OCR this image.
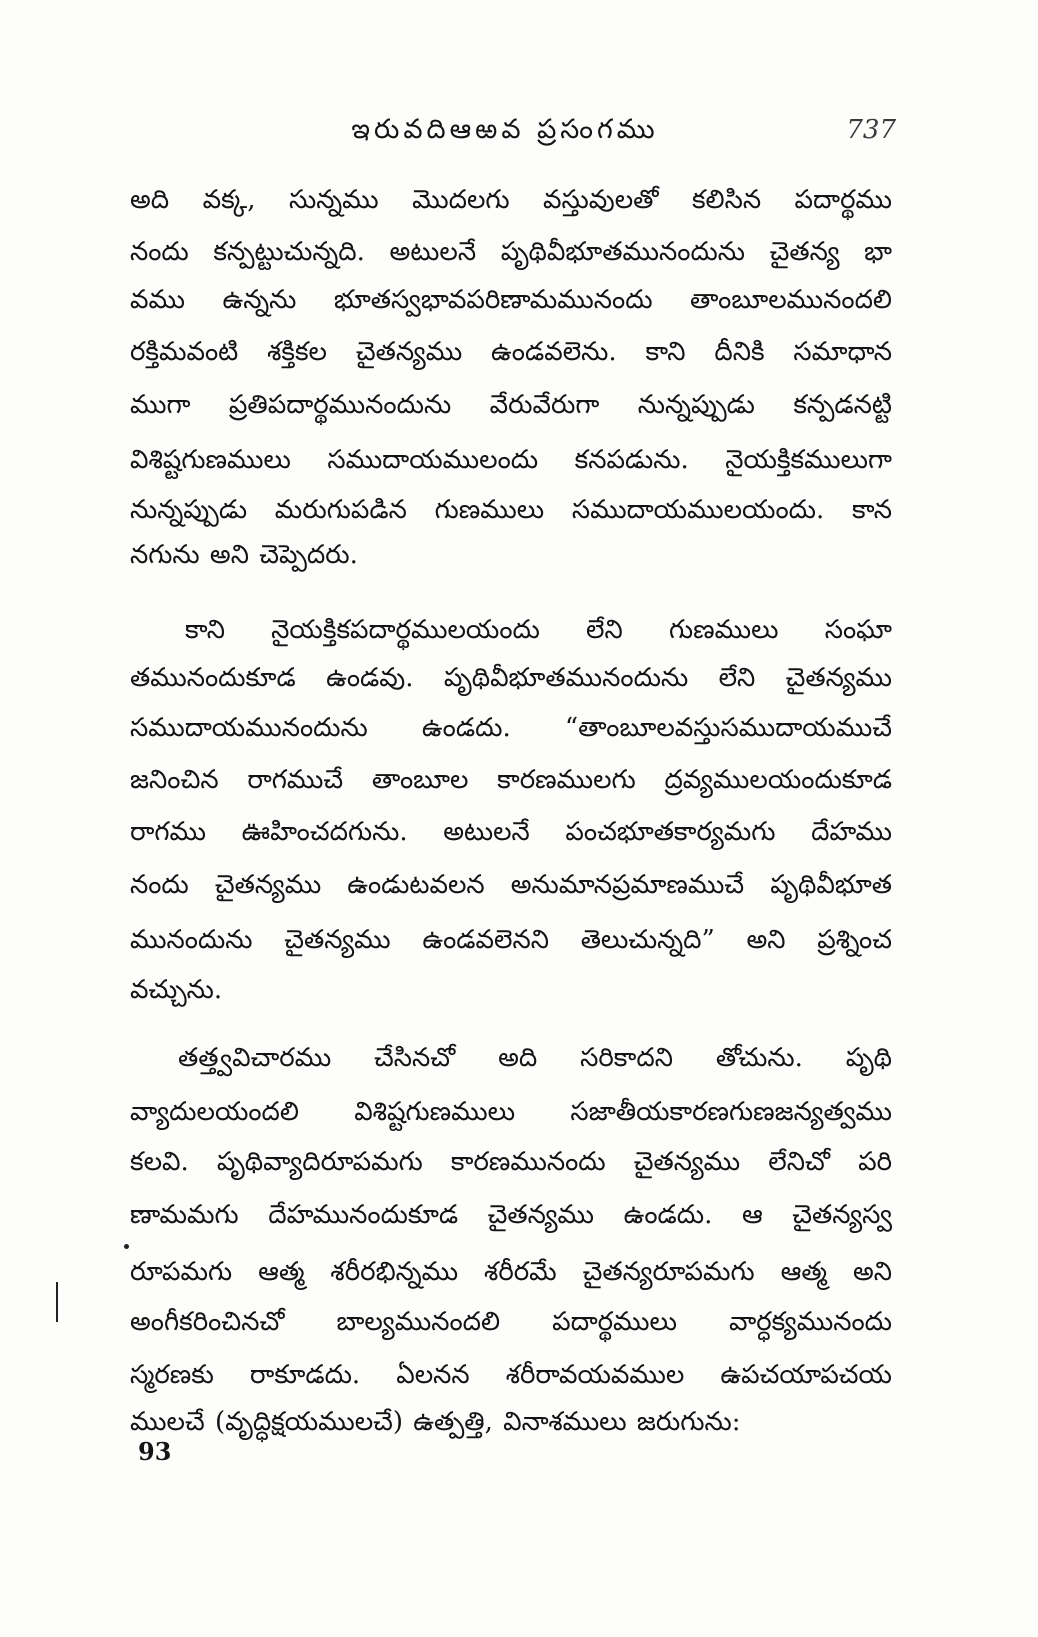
ఇరువదిఆఱవ ప్రసంగము	737
అది వక్క, సున్నము మొదలగు వస్తువులతో కలిసిన పదార్థము
నందు కన్పట్టుచున్నది. అటులనే పృథివీభూతమునందును చైతన్య భా
వము ఉన్నను భూతస్వభావపరిణామమునందు తాంబూలమునందలి
రక్తిమవంటి శక్తికల చైతన్యము ఉండవలెను. కాని దీనికి సమాధాన
ముగా ప్రతిపదార్థమునందును వేరువేరుగా నున్నప్పుడు కన్పడనట్టి
విశిష్టగుణములు సముదాయములందు కనపడును. నైయక్తికములుగా
నున్నప్పుడు మరుగుపడిన గుణములు సముదాయములయందు. కాన
నగును అని చెప్పెదరు.
కాని నైయక్తికపదార్థములయందు లేని గుణములు సంఘా
తమునందుకూడ ఉండవు. పృథివీభూతమునందును లేని చైతన్యము
సముదాయమునందును ఉండదు. “తాంబూలవస్తుసముదాయముచే
జనించిన రాగముచే తాంబూల కారణములగు ద్రవ్యములయందుకూడ
రాగము ఊహించదగును. అటులనే పంచభూతకార్యమగు దేహము
నందు చైతన్యము ఉండుటవలన అనుమానప్రమాణముచే పృథివీభూత
మునందును చైతన్యము ఉండవలెనని తెలుచున్నది” అని ప్రశ్నించ
వచ్చును.
తత్త్వవిచారము చేసినచో అది సరికాదని తోచును. పృథి
వ్యాదులయందలి విశిష్టగుణములు సజాతీయకారణగుణజన్యత్వము
కలవి. పృథివ్యాదిరూపమగు కారణమునందు చైతన్యము లేనిచో పరి
ణామమగు దేహమునందుకూడ చైతన్యము ఉండదు. ఆ చైతన్యస్వ
రూపమగు ఆత్మ శరీరభిన్నము శరీరమే చైతన్యరూపమగు ఆత్మ అని
అంగీకరించినచో బాల్యమునందలి పదార్థములు వార్ధక్యమునందు
స్మరణకు రాకూడదు. ఏలనన శరీరావయవముల ఉపచయాపచయ
ములచే (వృద్ధిక్షయములచే) ఉత్పత్తి, వినాశములు జరుగును:
93
